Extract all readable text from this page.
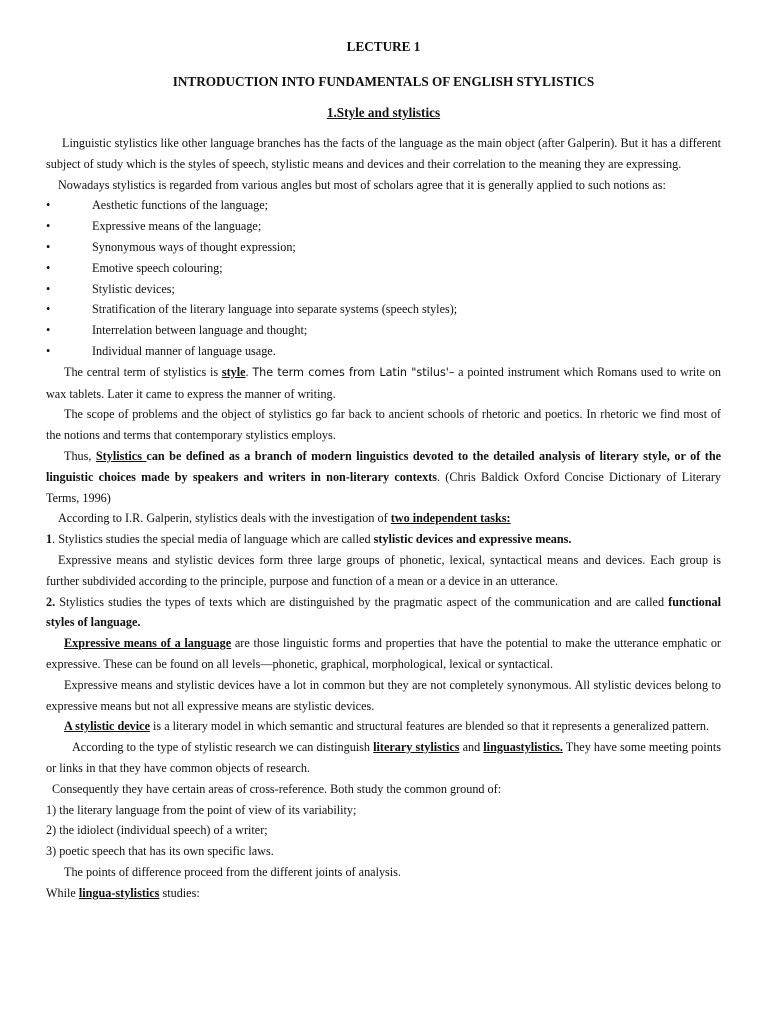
LECTURE 1
INTRODUCTION INTO FUNDAMENTALS OF ENGLISH STYLISTICS
1.Style and stylistics

Linguistic stylistics like other language branches has the facts of the language as the main object (after Galperin). But it has a different subject of study which is the styles of speech, stylistic means and devices and their correlation to the meaning they are expressing.

Nowadays stylistics is regarded from various angles but most of scholars agree that it is generally applied to such notions as:

•	Aesthetic functions of the language;
•	Expressive means of the language;
•	Synonymous ways of thought expression;
•	Emotive speech colouring;
•	Stylistic devices;
•	Stratification of the literary language into separate systems (speech styles);
•	Interrelation between language and thought;
•	Individual manner of language usage.

The central term of stylistics is style. The term comes from Latin "stilus'– a pointed instrument which Romans used to write on wax tablets. Later it came to express the manner of writing.

The scope of problems and the object of stylistics go far back to ancient schools of rhetoric and poetics. In rhetoric we find most of the notions and terms that contemporary stylistics employs.

Thus, Stylistics can be defined as a branch of modern linguistics devoted to the detailed analysis of literary style, or of the linguistic choices made by speakers and writers in non-literary contexts. (Chris Baldick Oxford Concise Dictionary of Literary Terms, 1996)

According to I.R. Galperin, stylistics deals with the investigation of two independent tasks:

1. Stylistics studies the special media of language which are called stylistic devices and expressive means.

Expressive means and stylistic devices form three large groups of phonetic, lexical, syntactical means and devices. Each group is further subdivided according to the principle, purpose and function of a mean or a device in an utterance.

2. Stylistics studies the types of texts which are distinguished by the pragmatic aspect of the communication and are called functional styles of language.

Expressive means of a language are those linguistic forms and properties that have the potential to make the utterance emphatic or expressive. These can be found on all levels—phonetic, graphical, morphological, lexical or syntactical.

Expressive means and stylistic devices have a lot in common but they are not completely synonymous. All stylistic devices belong to expressive means but not all expressive means are stylistic devices.

A stylistic device is a literary model in which semantic and structural features are blended so that it represents a generalized pattern.

According to the type of stylistic research we can distinguish literary stylistics and linguastylistics. They have some meeting points or links in that they have common objects of research.

Consequently they have certain areas of cross-reference. Both study the common ground of:

1) the literary language from the point of view of its variability;

2) the idiolect (individual speech) of a writer;

3) poetic speech that has its own specific laws.

The points of difference proceed from the different joints of analysis.

While lingua-stylistics studies:
